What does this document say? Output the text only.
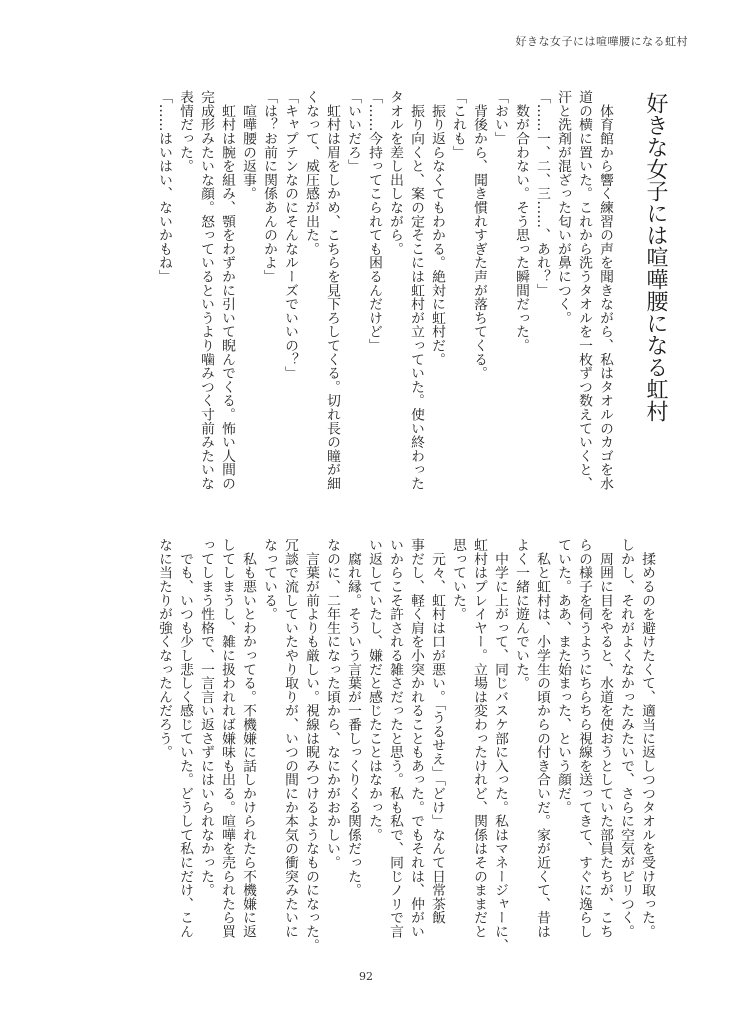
好きな女子には喧嘩腰になる虹村
好きな女子には喧嘩腰になる虹村
　体育館から響く練習の声を聞きながら、私はタオルのカゴを水
道の横に置いた。これから洗うタオルを一枚ずつ数えていくと、
汗と洗剤が混ざった匂いが鼻につく。
「……一、二、三……、あれ？」
　数が合わない。そう思った瞬間だった。
「おい」
　背後から、聞き慣れすぎた声が落ちてくる。
「これも」
　振り返らなくてもわかる。絶対に虹村だ。
　振り向くと、案の定そこには虹村が立っていた。使い終わった
タオルを差し出しながら。
「……今持ってこられても困るんだけど」
「いいだろ」
　虹村は眉をしかめ、こちらを見下ろしてくる。切れ長の瞳が細
くなって、威圧感が出た。
「キャプテンなのにそんなルーズでいいの？」
「は？お前に関係あんのかよ」
　喧嘩腰の返事。
　虹村は腕を組み、顎をわずかに引いて睨んでくる。怖い人間の
完成形みたいな顔。怒っているというより噛みつく寸前みたいな
表情だった。
「……はいはい、ないかもね」
　揉めるのを避けたくて、適当に返しつつタオルを受け取った。
しかし、それがよくなかったみたいで、さらに空気がピリつく。
　周囲に目をやると、水道を使おうとしていた部員たちが、こち
らの様子を伺うようにちらちら視線を送ってきて、すぐに逸らし
ていた。ああ、また始まった、という顔だ。
　私と虹村は、小学生の頃からの付き合いだ。家が近くて、昔は
よく一緒に遊んでいた。
　中学に上がって、同じバスケ部に入った。私はマネージャーに、
虹村はプレイヤー。立場は変わったけれど、関係はそのままだと
思っていた。
　元々、虹村は口が悪い。「うるせえ」「どけ」なんて日常茶飯
事だし、軽く肩を小突かれることもあった。でもそれは、仲がい
いからこそ許される雑さだったと思う。私も私で、同じノリで言
い返していたし、嫌だと感じたことはなかった。
　腐れ縁。そういう言葉が一番しっくりくる関係だった。
なのに、二年生になった頃から、なにかがおかしい。
　言葉が前よりも厳しい。視線は睨みつけるようなものになった。
冗談で流していたやり取りが、いつの間にか本気の衝突みたいに
なっている。
　私も悪いとわかってる。不機嫌に話しかけられたら不機嫌に返
してしまうし、雑に扱われれば嫌味も出る。喧嘩を売られたら買
ってしまう性格で、一言言い返さずにはいられなかった。
　でも、いつも少し悲しく感じていた。どうして私にだけ、こん
なに当たりが強くなったんだろう。
92
